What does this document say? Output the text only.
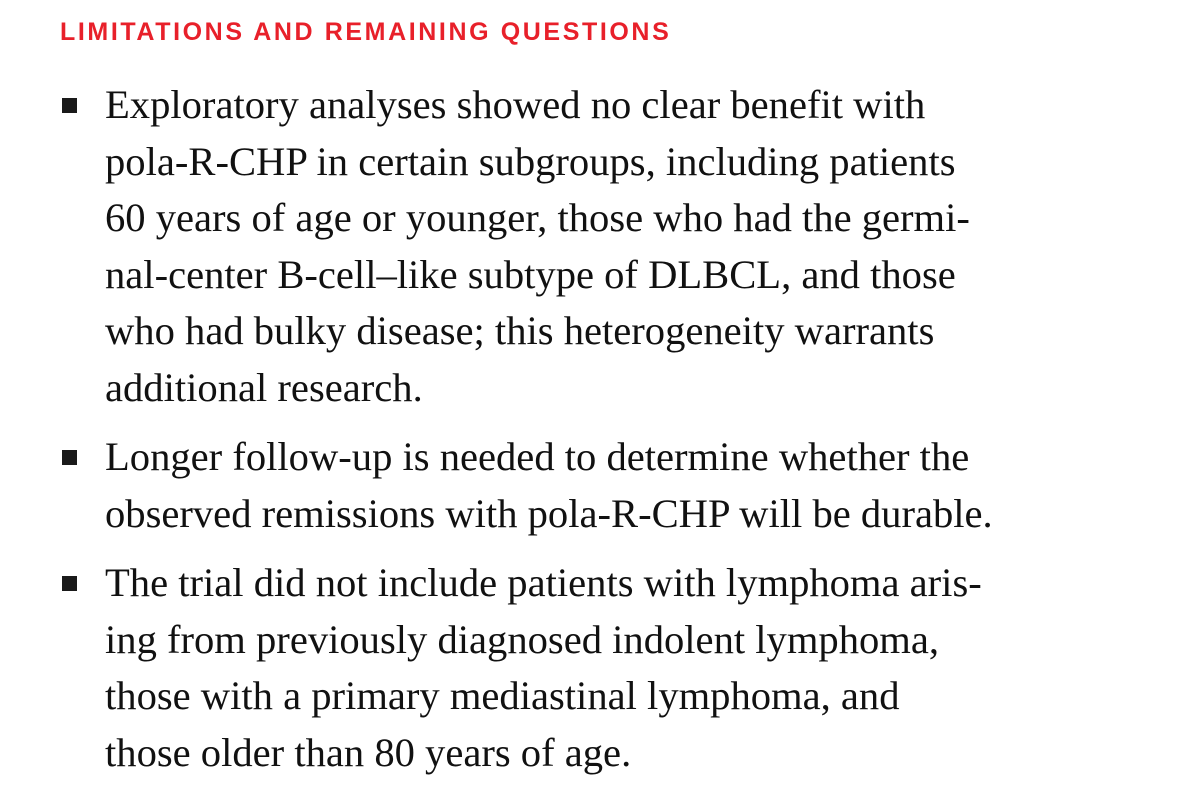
LIMITATIONS AND REMAINING QUESTIONS
Exploratory analyses showed no clear benefit with
pola-R-CHP in certain subgroups, including patients
60 years of age or younger, those who had the germi-
nal-center B-cell–like subtype of DLBCL, and those
who had bulky disease; this heterogeneity warrants
additional research.
Longer follow-up is needed to determine whether the
observed remissions with pola-R-CHP will be durable.
The trial did not include patients with lymphoma aris-
ing from previously diagnosed indolent lymphoma,
those with a primary mediastinal lymphoma, and
those older than 80 years of age.
